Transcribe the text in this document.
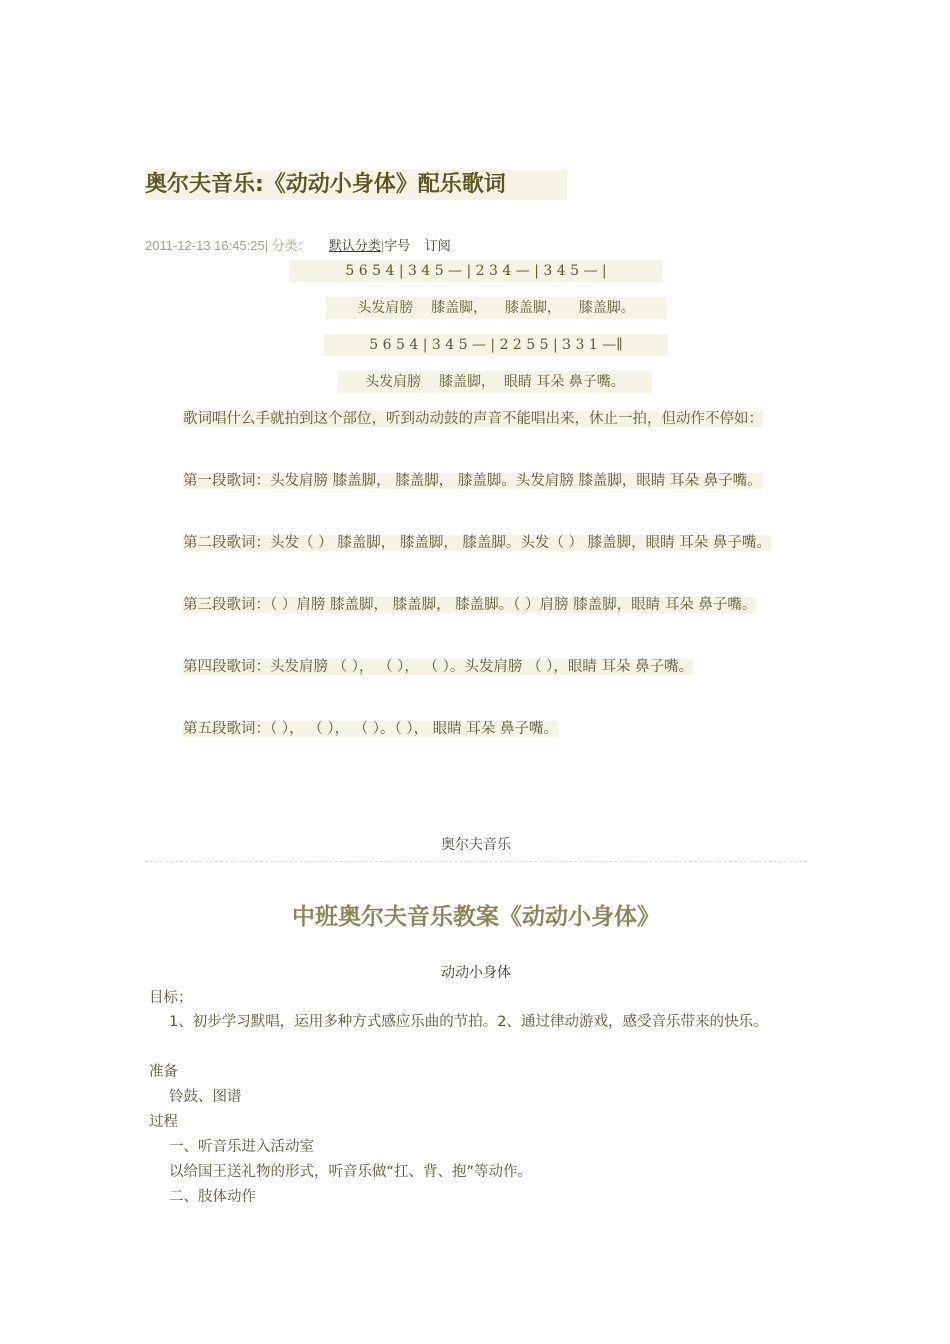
奥尔夫音乐:《动动小身体》配乐歌词
2011-12-13 16:45:25| 分类： 默认分类|字号 订阅
5 6 5 4 | 3 4 5 — | 2 3 4 — | 3 4 5 — |
头发肩膀    膝盖脚，    膝盖脚，    膝盖脚。
5 6 5 4 | 3 4 5 — | 2 2 5 5 | 3 3 1 —∥
头发肩膀    膝盖脚，  眼睛 耳朵 鼻子嘴。
歌词唱什么手就拍到这个部位，听到动动鼓的声音不能唱出来，休止一拍，但动作不停如：
第一段歌词：头发肩膀 膝盖脚， 膝盖脚， 膝盖脚。头发肩膀 膝盖脚，眼睛 耳朵 鼻子嘴。
第二段歌词：头发（ ） 膝盖脚， 膝盖脚， 膝盖脚。头发（ ） 膝盖脚，眼睛 耳朵 鼻子嘴。
第三段歌词：（ ）肩膀 膝盖脚， 膝盖脚， 膝盖脚。（ ）肩膀 膝盖脚，眼睛 耳朵 鼻子嘴。
第四段歌词：头发肩膀 （ ）， （ ）， （ ）。头发肩膀 （ ），眼睛 耳朵 鼻子嘴。
第五段歌词：（ ）， （ ）， （ ）。（ ）， 眼睛 耳朵 鼻子嘴。
奥尔夫音乐
中班奥尔夫音乐教案《动动小身体》
动动小身体
目标；
1、初步学习默唱，运用多种方式感应乐曲的节拍。2、通过律动游戏，感受音乐带来的快乐。
准备
铃鼓、图谱
过程
一、听音乐进入活动室
以给国王送礼物的形式，听音乐做“扛、背、抱”等动作。
二、肢体动作
